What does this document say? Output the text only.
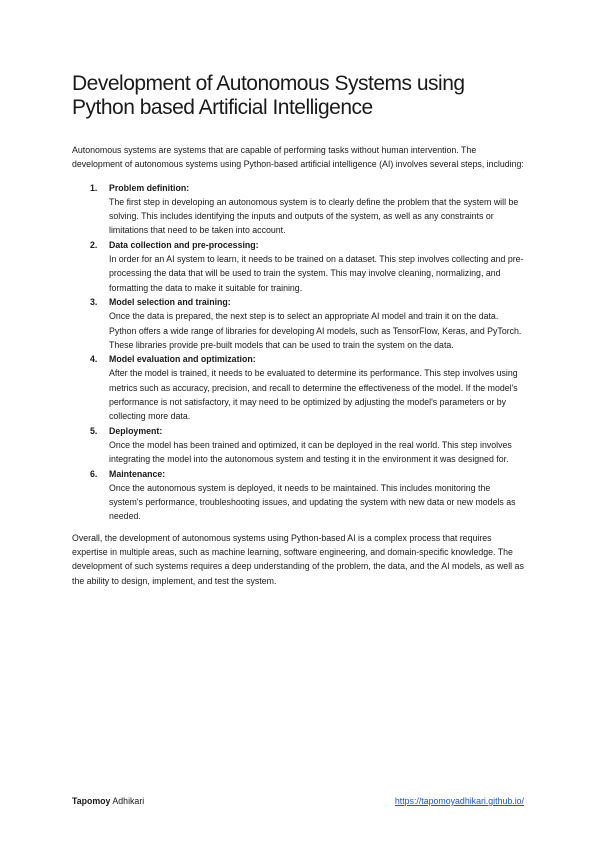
Development of Autonomous Systems using Python based Artificial Intelligence

Autonomous systems are systems that are capable of performing tasks without human intervention. The development of autonomous systems using Python-based artificial intelligence (AI) involves several steps, including:

1. Problem definition:
The first step in developing an autonomous system is to clearly define the problem that the system will be solving. This includes identifying the inputs and outputs of the system, as well as any constraints or limitations that need to be taken into account.
2. Data collection and pre-processing:
In order for an AI system to learn, it needs to be trained on a dataset. This step involves collecting and pre-processing the data that will be used to train the system. This may involve cleaning, normalizing, and formatting the data to make it suitable for training.
3. Model selection and training:
Once the data is prepared, the next step is to select an appropriate AI model and train it on the data. Python offers a wide range of libraries for developing AI models, such as TensorFlow, Keras, and PyTorch. These libraries provide pre-built models that can be used to train the system on the data.
4. Model evaluation and optimization:
After the model is trained, it needs to be evaluated to determine its performance. This step involves using metrics such as accuracy, precision, and recall to determine the effectiveness of the model. If the model's performance is not satisfactory, it may need to be optimized by adjusting the model's parameters or by collecting more data.
5. Deployment:
Once the model has been trained and optimized, it can be deployed in the real world. This step involves integrating the model into the autonomous system and testing it in the environment it was designed for.
6. Maintenance:
Once the autonomous system is deployed, it needs to be maintained. This includes monitoring the system's performance, troubleshooting issues, and updating the system with new data or new models as needed.

Overall, the development of autonomous systems using Python-based AI is a complex process that requires expertise in multiple areas, such as machine learning, software engineering, and domain-specific knowledge. The development of such systems requires a deep understanding of the problem, the data, and the AI models, as well as the ability to design, implement, and test the system.

Tapomoy Adhikari	https://tapomoyadhikari.github.io/
